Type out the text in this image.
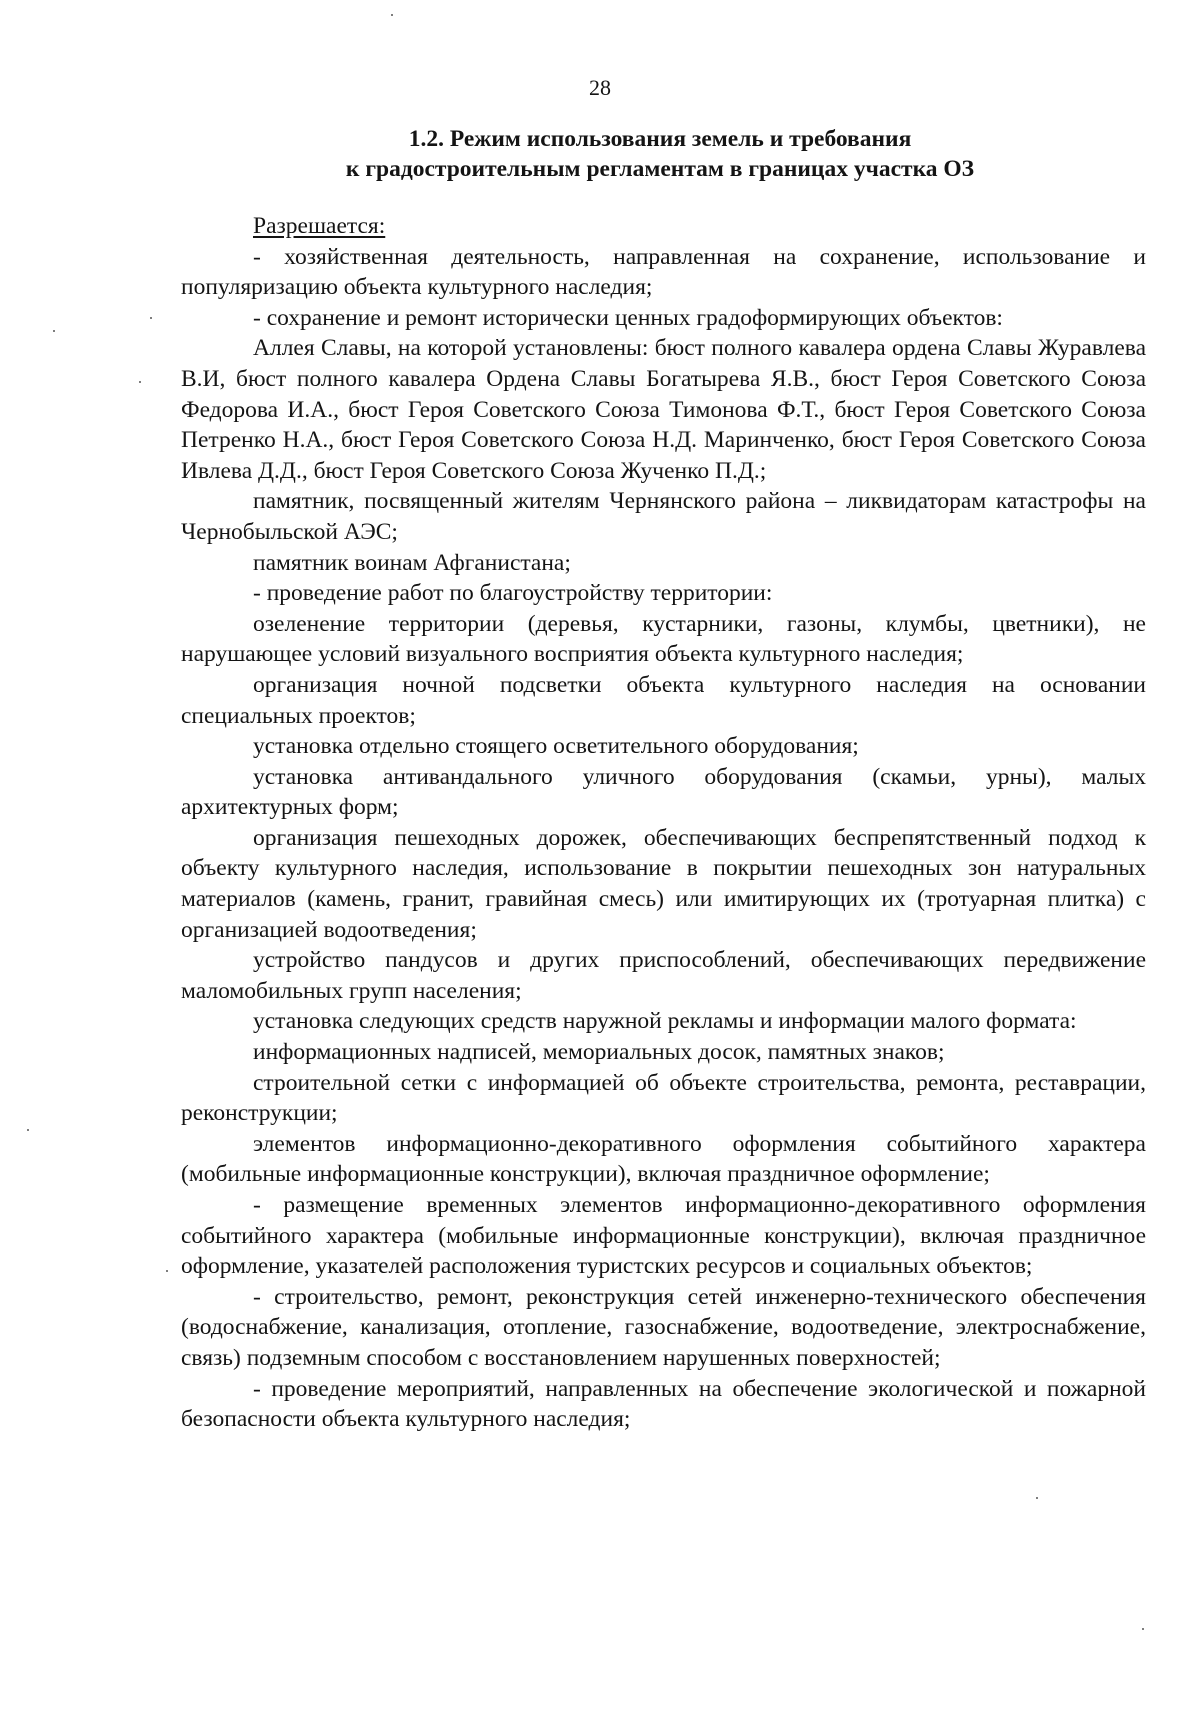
28
1.2. Режим использования земель и требования
к градостроительным регламентам в границах участка ОЗ

Разрешается:

- хозяйственная деятельность, направленная на сохранение, использование и популяризацию объекта культурного наследия;

- сохранение и ремонт исторически ценных градоформирующих объектов:

Аллея Славы, на которой установлены: бюст полного кавалера ордена Славы Журавлева В.И, бюст полного кавалера Ордена Славы Богатырева Я.В., бюст Героя Советского Союза Федорова И.А., бюст Героя Советского Союза Тимонова Ф.Т., бюст Героя Советского Союза Петренко Н.А., бюст Героя Советского Союза Н.Д. Маринченко, бюст Героя Советского Союза Ивлева Д.Д., бюст Героя Советского Союза Жученко П.Д.;

памятник, посвященный жителям Чернянского района – ликвидаторам катастрофы на Чернобыльской АЭС;

памятник воинам Афганистана;

- проведение работ по благоустройству территории:

озеленение территории (деревья, кустарники, газоны, клумбы, цветники), не нарушающее условий визуального восприятия объекта культурного наследия;

организация ночной подсветки объекта культурного наследия на основании специальных проектов;

установка отдельно стоящего осветительного оборудования;

установка антивандального уличного оборудования (скамьи, урны), малых архитектурных форм;

организация пешеходных дорожек, обеспечивающих беспрепятственный подход к объекту культурного наследия, использование в покрытии пешеходных зон натуральных материалов (камень, гранит, гравийная смесь) или имитирующих их (тротуарная плитка) с организацией водоотведения;

устройство пандусов и других приспособлений, обеспечивающих передвижение маломобильных групп населения;

установка следующих средств наружной рекламы и информации малого формата:

информационных надписей, мемориальных досок, памятных знаков;

строительной сетки с информацией об объекте строительства, ремонта, реставрации, реконструкции;

элементов информационно-декоративного оформления событийного характера (мобильные информационные конструкции), включая праздничное оформление;

- размещение временных элементов информационно-декоративного оформления событийного характера (мобильные информационные конструкции), включая праздничное оформление, указателей расположения туристских ресурсов и социальных объектов;

- строительство, ремонт, реконструкция сетей инженерно-технического обеспечения (водоснабжение, канализация, отопление, газоснабжение, водоотведение, электроснабжение, связь) подземным способом с восстановлением нарушенных поверхностей;

- проведение мероприятий, направленных на обеспечение экологической и пожарной безопасности объекта культурного наследия;
